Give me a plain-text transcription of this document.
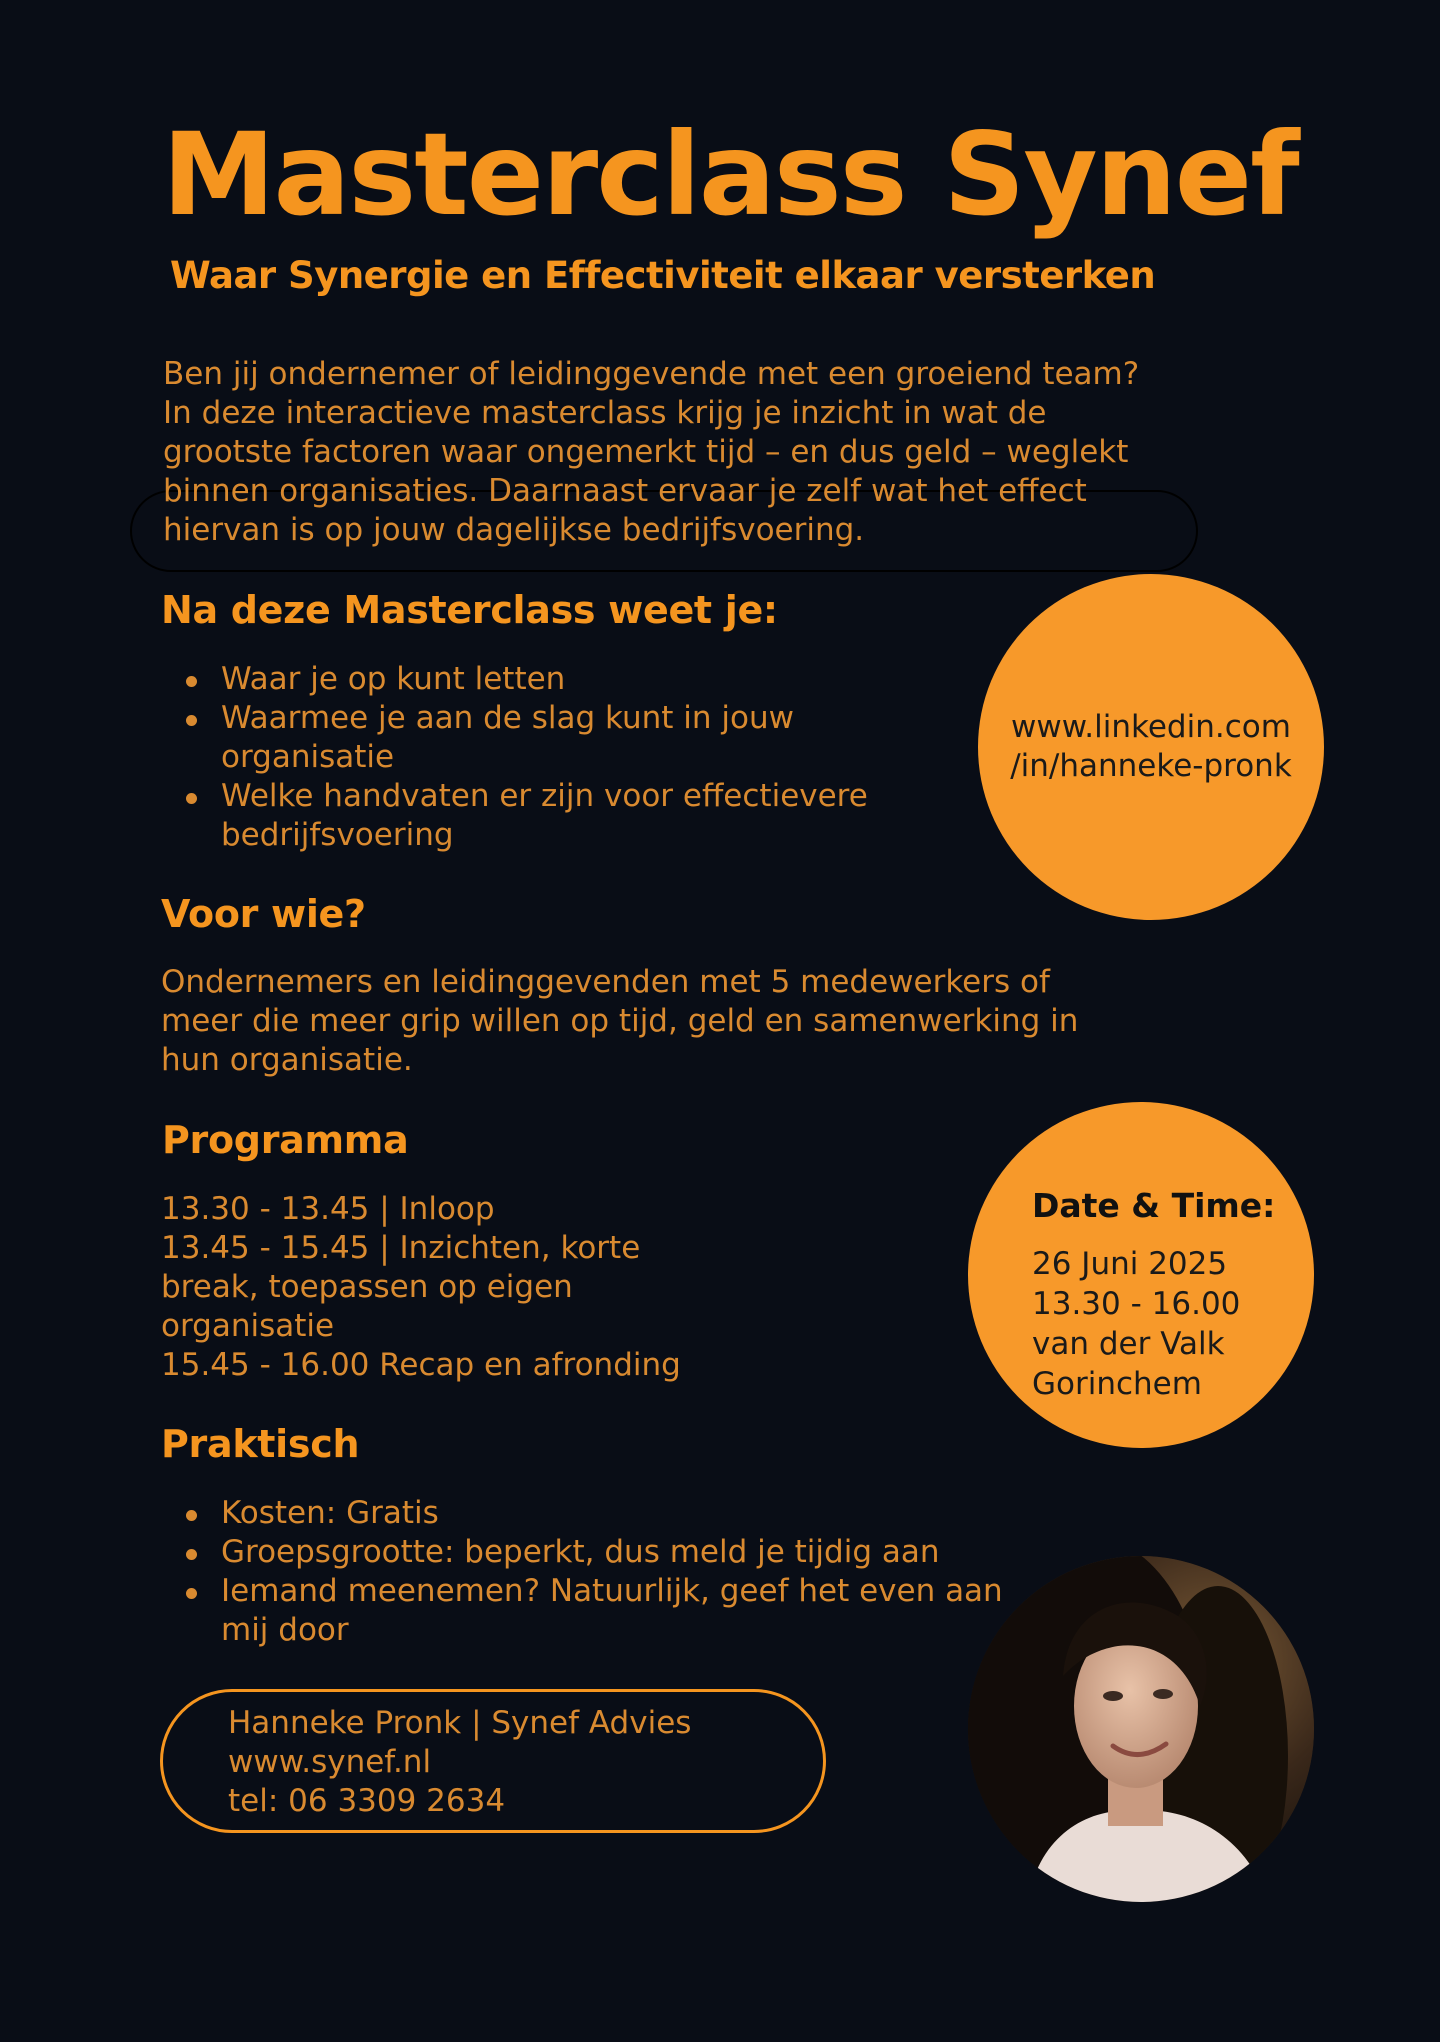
Masterclass Synef
Waar Synergie en Effectiviteit elkaar versterken
Ben jij ondernemer of leidinggevende met een groeiend team?
In deze interactieve masterclass krijg je inzicht in wat de
grootste factoren waar ongemerkt tijd – en dus geld – weglekt
binnen organisaties. Daarnaast ervaar je zelf wat het effect
hiervan is op jouw dagelijkse bedrijfsvoering.
Na deze Masterclass weet je:
Waar je op kunt letten
Waarmee je aan de slag kunt in jouw organisatie
Welke handvaten er zijn voor effectievere bedrijfsvoering
www.linkedin.com
/in/hanneke-pronk
Voor wie?
Ondernemers en leidinggevenden met 5 medewerkers of
meer die meer grip willen op tijd, geld en samenwerking in
hun organisatie.
Programma
13.30 - 13.45 | Inloop
13.45 - 15.45 | Inzichten, korte
break, toepassen op eigen
organisatie
15.45 - 16.00 Recap en afronding
Date & Time:
26 Juni 2025
13.30 - 16.00
van der Valk
Gorinchem
Praktisch
Kosten: Gratis
Groepsgrootte: beperkt, dus meld je tijdig aan
Iemand meenemen? Natuurlijk, geef het even aan mij door
Hanneke Pronk | Synef Advies
www.synef.nl
tel: 06 3309 2634
